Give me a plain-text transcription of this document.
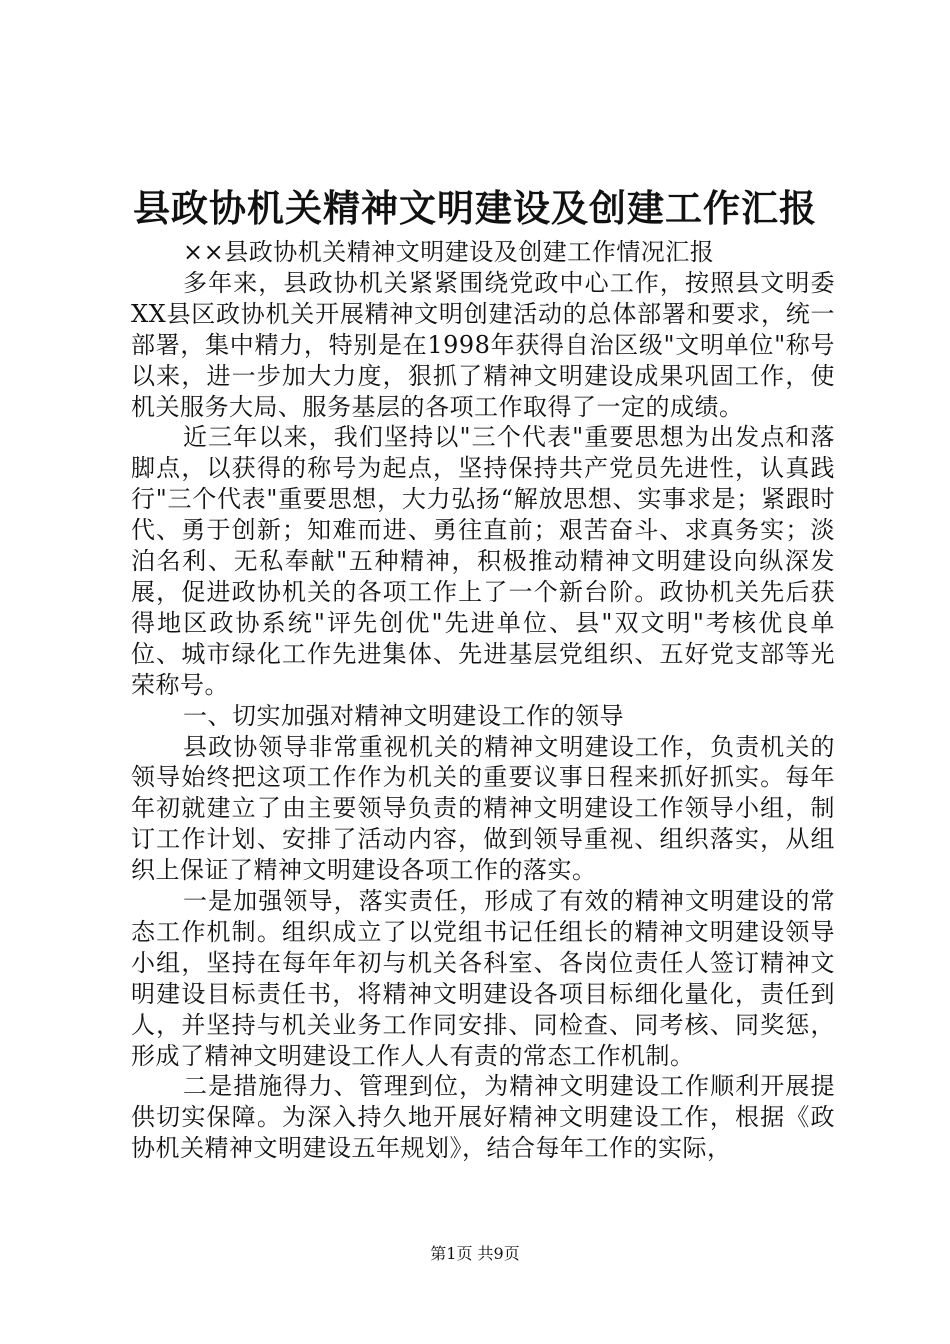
县政协机关精神文明建设及创建工作汇报

××县政协机关精神文明建设及创建工作情况汇报

多年来，县政协机关紧紧围绕党政中心工作，按照县文明委XX县区政协机关开展精神文明创建活动的总体部署和要求，统一部署，集中精力，特别是在1998年获得自治区级"文明单位"称号以来，进一步加大力度，狠抓了精神文明建设成果巩固工作，使机关服务大局、服务基层的各项工作取得了一定的成绩。

近三年以来，我们坚持以"三个代表"重要思想为出发点和落脚点，以获得的称号为起点，坚持保持共产党员先进性，认真践行"三个代表"重要思想，大力弘扬“解放思想、实事求是；紧跟时代、勇于创新；知难而进、勇往直前；艰苦奋斗、求真务实；淡泊名利、无私奉献"五种精神，积极推动精神文明建设向纵深发展，促进政协机关的各项工作上了一个新台阶。政协机关先后获得地区政协系统"评先创优"先进单位、县"双文明"考核优良单位、城市绿化工作先进集体、先进基层党组织、五好党支部等光荣称号。

一、切实加强对精神文明建设工作的领导

县政协领导非常重视机关的精神文明建设工作，负责机关的领导始终把这项工作作为机关的重要议事日程来抓好抓实。每年年初就建立了由主要领导负责的精神文明建设工作领导小组，制订工作计划、安排了活动内容，做到领导重视、组织落实，从组织上保证了精神文明建设各项工作的落实。

一是加强领导，落实责任，形成了有效的精神文明建设的常态工作机制。组织成立了以党组书记任组长的精神文明建设领导小组，坚持在每年年初与机关各科室、各岗位责任人签订精神文明建设目标责任书，将精神文明建设各项目标细化量化，责任到人，并坚持与机关业务工作同安排、同检查、同考核、同奖惩，形成了精神文明建设工作人人有责的常态工作机制。

二是措施得力、管理到位，为精神文明建设工作顺利开展提供切实保障。为深入持久地开展好精神文明建设工作，根据《政协机关精神文明建设五年规划》，结合每年工作的实际，

第1页 共9页
